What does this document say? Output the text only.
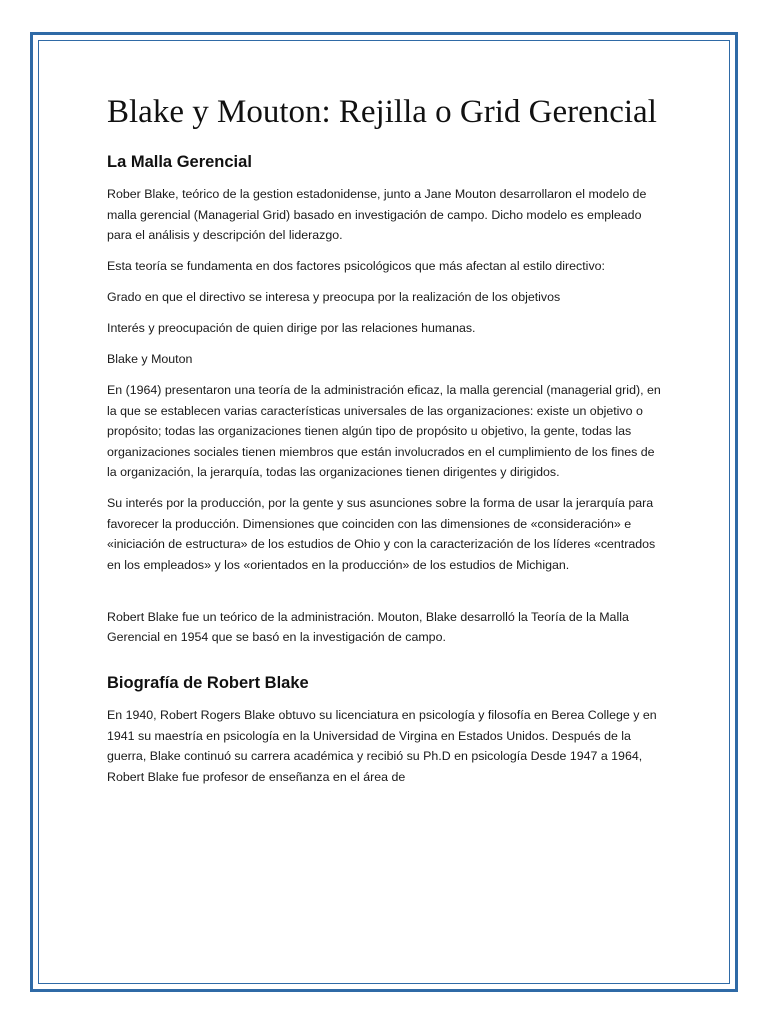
Blake y Mouton: Rejilla o Grid Gerencial
La Malla Gerencial

Rober Blake, teórico de la gestion estadonidense, junto a Jane Mouton desarrollaron el modelo de malla gerencial (Managerial Grid) basado en investigación de campo. Dicho modelo es empleado para el análisis y descripción del liderazgo.

Esta teoría se fundamenta en dos factores psicológicos que más afectan al estilo directivo:

Grado en que el directivo se interesa y preocupa por la realización de los objetivos

Interés y preocupación de quien dirige por las relaciones humanas.

Blake y Mouton

En (1964) presentaron una teoría de la administración eficaz, la malla gerencial (managerial grid), en la que se establecen varias características universales de las organizaciones: existe un objetivo o propósito; todas las organizaciones tienen algún tipo de propósito u objetivo, la gente, todas las organizaciones sociales tienen miembros que están involucrados en el cumplimiento de los fines de la organización, la jerarquía, todas las organizaciones tienen dirigentes y dirigidos.

Su interés por la producción, por la gente y sus asunciones sobre la forma de usar la jerarquía para favorecer la producción. Dimensiones que coinciden con las dimensiones de «consideración» e «iniciación de estructura» de los estudios de Ohio y con la caracterización de los líderes «centrados en los empleados» y los «orientados en la producción» de los estudios de Michigan.

Robert Blake fue un teórico de la administración. Mouton, Blake desarrolló la Teoría de la Malla Gerencial en 1954 que se basó en la investigación de campo.

Biografía de Robert Blake

En 1940, Robert Rogers Blake obtuvo su licenciatura en psicología y filosofía en Berea College y en 1941 su maestría en psicología en la Universidad de Virgina en Estados Unidos. Después de la guerra, Blake continuó su carrera académica y recibió su Ph.D en psicología Desde 1947 a 1964, Robert Blake fue profesor de enseñanza en el área de
